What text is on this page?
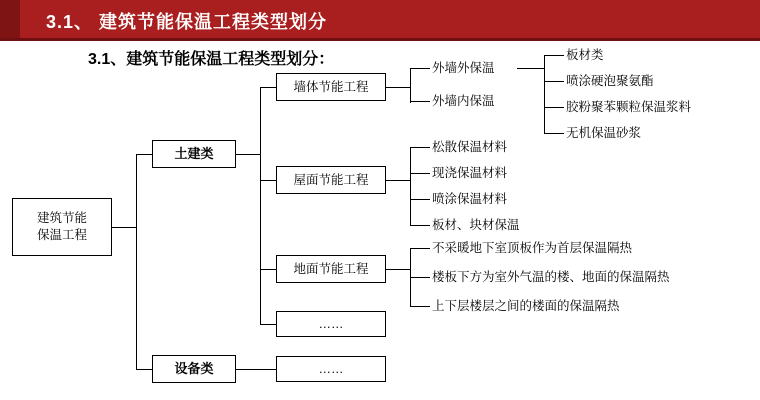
3.1、 建筑节能保温工程类型划分
3.1、建筑节能保温工程类型划分：
建筑节能
保温工程
土建类
设备类
墙体节能工程
屋面节能工程
地面节能工程
……
……
外墙外保温
外墙内保温
板材类
喷涂硬泡聚氨酯
胶粉聚苯颗粒保温浆料
无机保温砂浆
松散保温材料
现浇保温材料
喷涂保温材料
板材、块材保温
不采暖地下室顶板作为首层保温隔热
楼板下方为室外气温的楼、地面的保温隔热
上下层楼层之间的楼面的保温隔热
